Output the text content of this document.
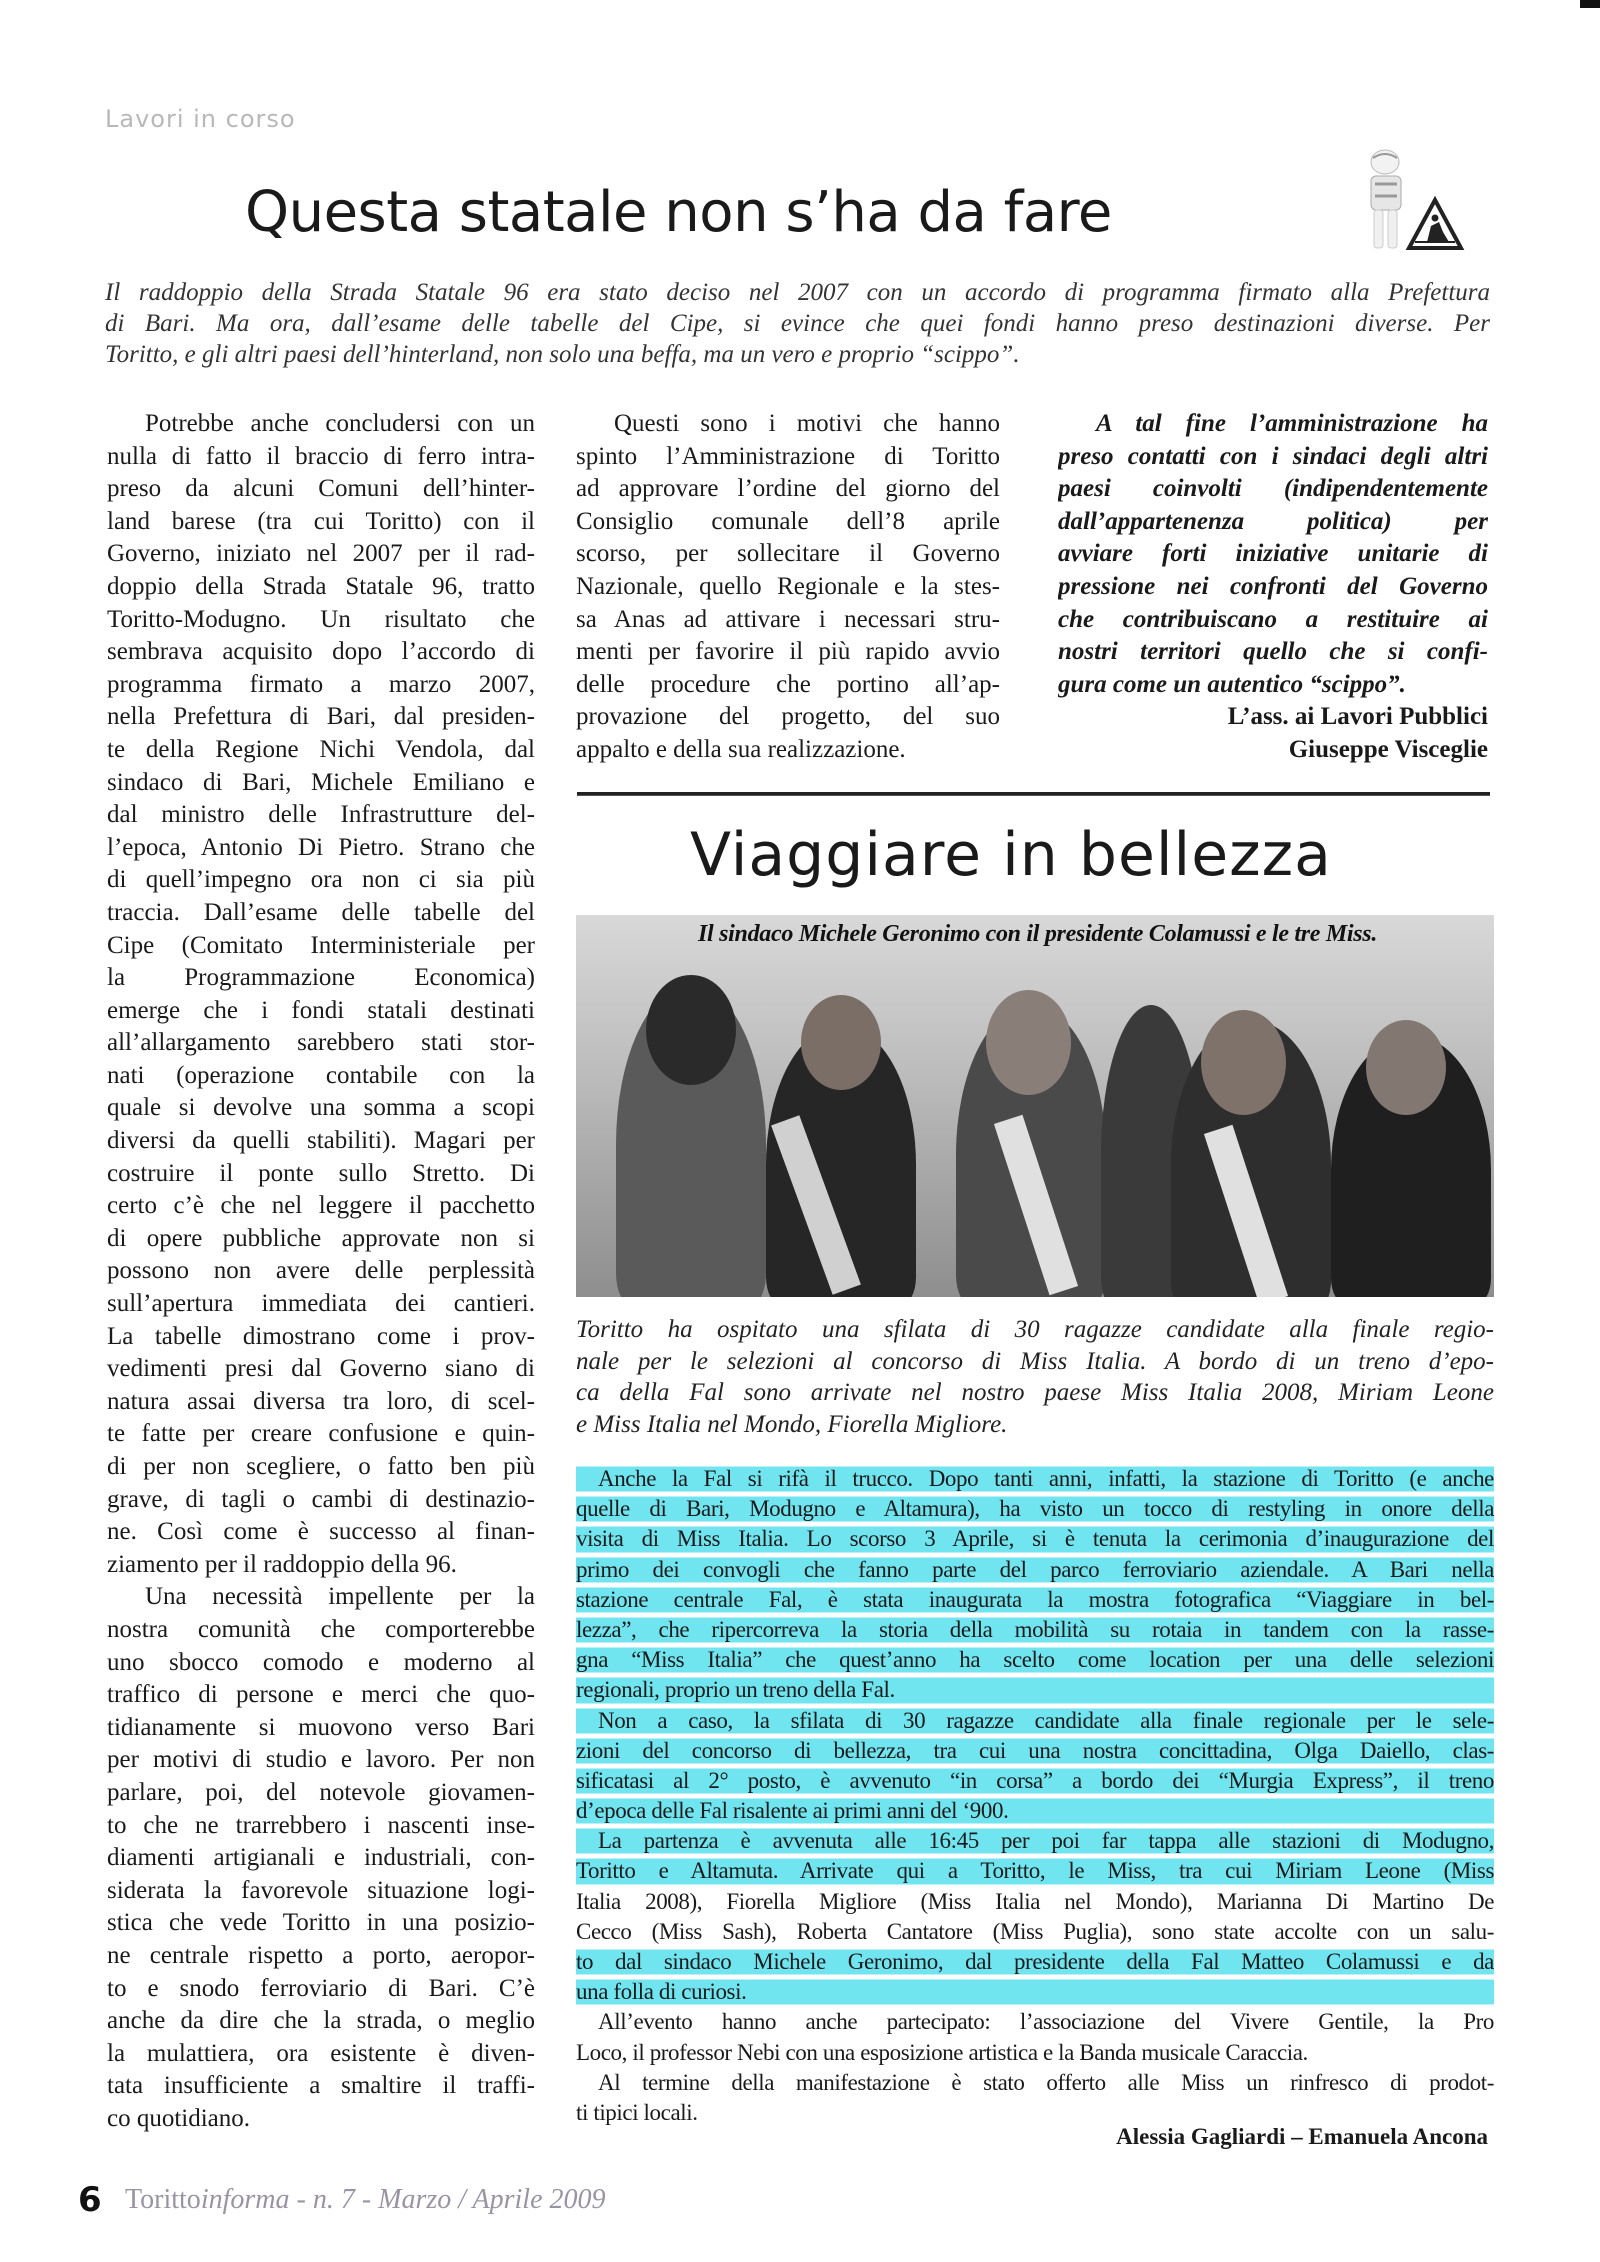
Lavori in corso
Questa statale non s’ha da fare
Il raddoppio della Strada Statale 96 era stato deciso nel 2007 con un accordo di programma firmato alla Prefettura
di Bari. Ma ora, dall’esame delle tabelle del Cipe, si evince che quei fondi hanno preso destinazioni diverse. Per
Toritto, e gli altri paesi dell’hinterland, non solo una beffa, ma un vero e proprio “scippo”.
Potrebbe anche concludersi con un
nulla di fatto il braccio di ferro intra-
preso da alcuni Comuni dell’hinter-
land barese (tra cui Toritto) con il
Governo, iniziato nel 2007 per il rad-
doppio della Strada Statale 96, tratto
Toritto-Modugno. Un risultato che
sembrava acquisito dopo l’accordo di
programma firmato a marzo 2007,
nella Prefettura di Bari, dal presiden-
te della Regione Nichi Vendola, dal
sindaco di Bari, Michele Emiliano e
dal ministro delle Infrastrutture del-
l’epoca, Antonio Di Pietro. Strano che
di quell’impegno ora non ci sia più
traccia. Dall’esame delle tabelle del
Cipe (Comitato Interministeriale per
la Programmazione Economica)
emerge che i fondi statali destinati
all’allargamento sarebbero stati stor-
nati (operazione contabile con la
quale si devolve una somma a scopi
diversi da quelli stabiliti). Magari per
costruire il ponte sullo Stretto. Di
certo c’è che nel leggere il pacchetto
di opere pubbliche approvate non si
possono non avere delle perplessità
sull’apertura immediata dei cantieri.
La tabelle dimostrano come i prov-
vedimenti presi dal Governo siano di
natura assai diversa tra loro, di scel-
te fatte per creare confusione e quin-
di per non scegliere, o fatto ben più
grave, di tagli o cambi di destinazio-
ne. Così come è successo al finan-
ziamento per il raddoppio della 96.
Una necessità impellente per la
nostra comunità che comporterebbe
uno sbocco comodo e moderno al
traffico di persone e merci che quo-
tidianamente si muovono verso Bari
per motivi di studio e lavoro. Per non
parlare, poi, del notevole giovamen-
to che ne trarrebbero i nascenti inse-
diamenti artigianali e industriali, con-
siderata la favorevole situazione logi-
stica che vede Toritto in una posizio-
ne centrale rispetto a porto, aeropor-
to e snodo ferroviario di Bari. C’è
anche da dire che la strada, o meglio
la mulattiera, ora esistente è diven-
tata insufficiente a smaltire il traffi-
co quotidiano.
Questi sono i motivi che hanno
spinto l’Amministrazione di Toritto
ad approvare l’ordine del giorno del
Consiglio comunale dell’8 aprile
scorso, per sollecitare il Governo
Nazionale, quello Regionale e la stes-
sa Anas ad attivare i necessari stru-
menti per favorire il più rapido avvio
delle procedure che portino all’ap-
provazione del progetto, del suo
appalto e della sua realizzazione.
A tal fine l’amministrazione ha
preso contatti con i sindaci degli altri
paesi coinvolti (indipendentemente
dall’appartenenza politica) per
avviare forti iniziative unitarie di
pressione nei confronti del Governo
che contribuiscano a restituire ai
nostri territori quello che si confi-
gura come un autentico “scippo”.
L’ass. ai Lavori Pubblici
Giuseppe Visceglie
Viaggiare in bellezza
Il sindaco Michele Geronimo con il presidente Colamussi e le tre Miss.
Toritto ha ospitato una sfilata di 30 ragazze candidate alla finale regio-
nale per le selezioni al concorso di Miss Italia. A bordo di un treno d’epo-
ca della Fal sono arrivate nel nostro paese Miss Italia 2008, Miriam Leone
e Miss Italia nel Mondo, Fiorella Migliore.
Anche la Fal si rifà il trucco. Dopo tanti anni, infatti, la stazione di Toritto (e anche
quelle di Bari, Modugno e Altamura), ha visto un tocco di restyling in onore della
visita di Miss Italia. Lo scorso 3 Aprile, si è tenuta la cerimonia d’inaugurazione del
primo dei convogli che fanno parte del parco ferroviario aziendale. A Bari nella
stazione centrale Fal, è stata inaugurata la mostra fotografica “Viaggiare in bel-
lezza”, che ripercorreva la storia della mobilità su rotaia in tandem con la rasse-
gna “Miss Italia” che quest’anno ha scelto come location per una delle selezioni
regionali, proprio un treno della Fal.
Non a caso, la sfilata di 30 ragazze candidate alla finale regionale per le sele-
zioni del concorso di bellezza, tra cui una nostra concittadina, Olga Daiello, clas-
sificatasi al 2° posto, è avvenuto “in corsa” a bordo dei “Murgia Express”, il treno
d’epoca delle Fal risalente ai primi anni del ‘900.
La partenza è avvenuta alle 16:45 per poi far tappa alle stazioni di Modugno,
Toritto e Altamuta. Arrivate qui a Toritto, le Miss, tra cui Miriam Leone (Miss
Italia 2008), Fiorella Migliore (Miss Italia nel Mondo), Marianna Di Martino De
Cecco (Miss Sash), Roberta Cantatore (Miss Puglia), sono state accolte con un salu-
to dal sindaco Michele Geronimo, dal presidente della Fal Matteo Colamussi e da
una folla di curiosi.
All’evento hanno anche partecipato: l’associazione del Vivere Gentile, la Pro
Loco, il professor Nebi con una esposizione artistica e la Banda musicale Caraccia.
Al termine della manifestazione è stato offerto alle Miss un rinfresco di prodot-
ti tipici locali.
Alessia Gagliardi – Emanuela Ancona
6 Torittoinforma - n. 7 - Marzo / Aprile 2009
